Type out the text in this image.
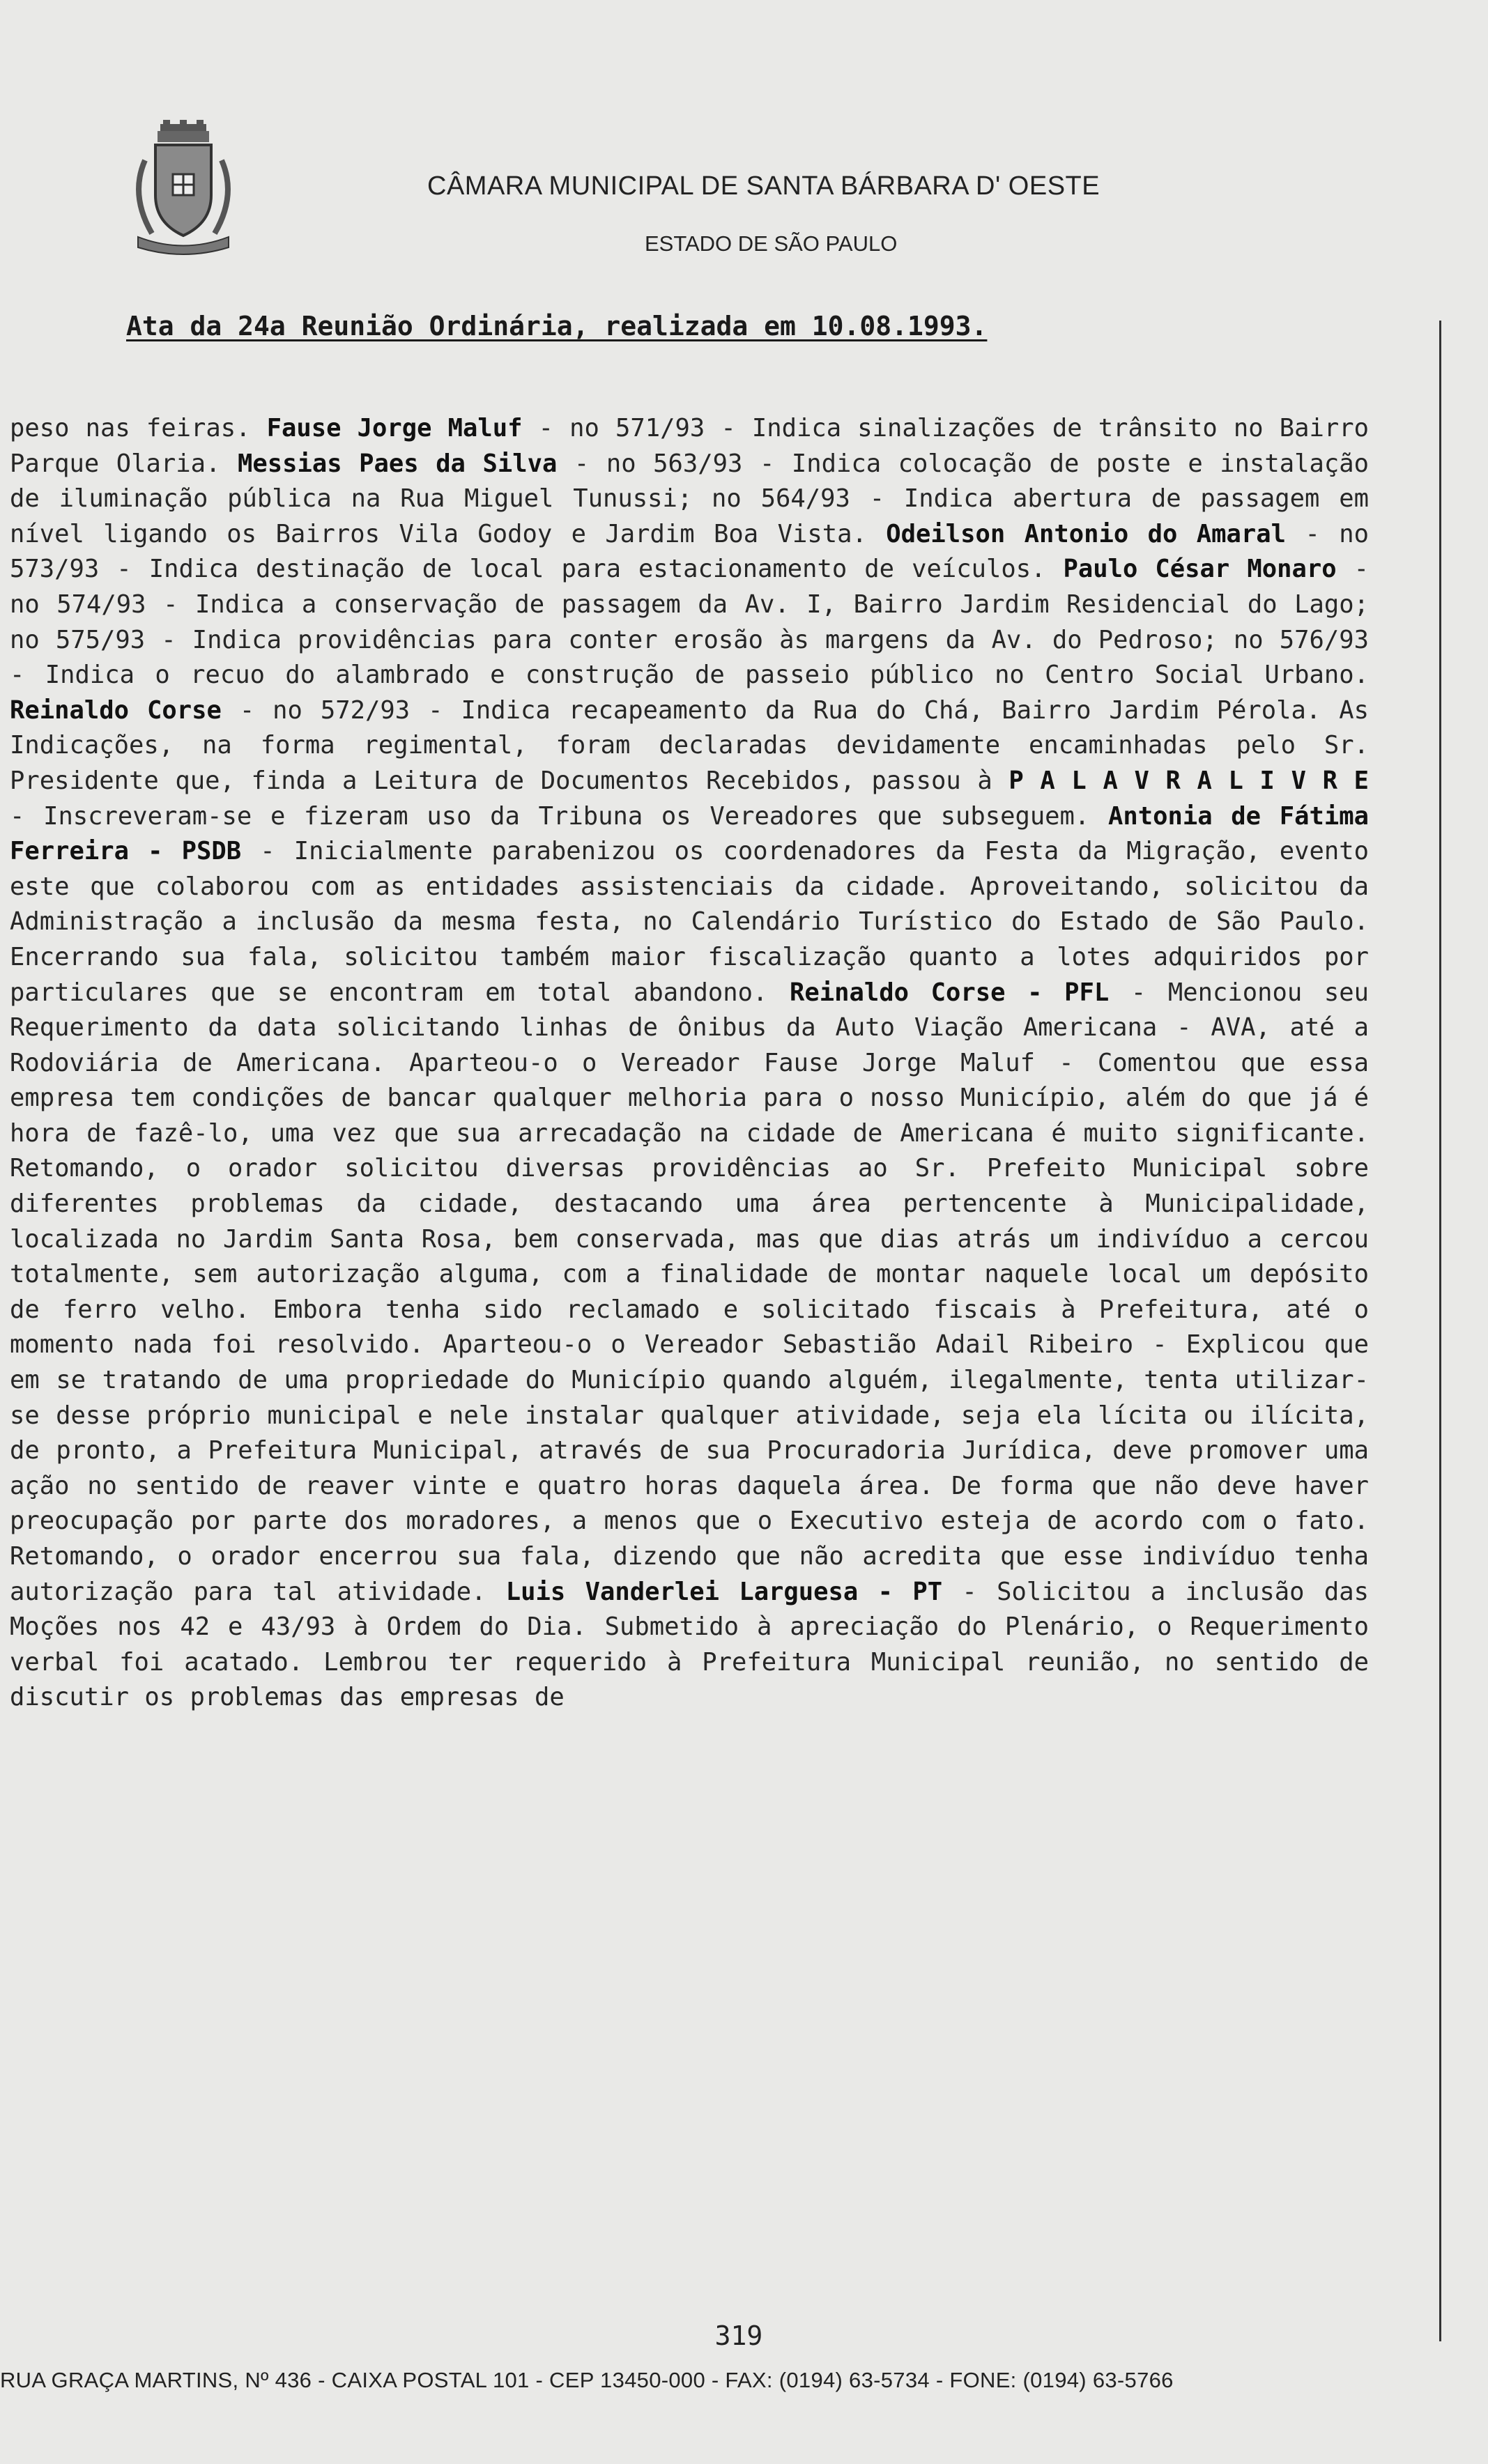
CÂMARA MUNICIPAL DE SANTA BÁRBARA D' OESTE
ESTADO DE SÃO PAULO
Ata da 24a Reunião Ordinária, realizada em 10.08.1993.
peso nas feiras. Fause Jorge Maluf - no 571/93 - Indica sinalizações de trânsito no Bairro Parque Olaria. Messias Paes da Silva - no 563/93 - Indica colocação de poste e instalação de iluminação pública na Rua Miguel Tunussi; no 564/93 - Indica abertura de passagem em nível ligando os Bairros Vila Godoy e Jardim Boa Vista. Odeilson Antonio do Amaral - no 573/93 - Indica destinação de local para estacionamento de veículos. Paulo César Monaro - no 574/93 - Indica a conservação de passagem da Av. I, Bairro Jardim Residencial do Lago; no 575/93 - Indica providências para conter erosão às margens da Av. do Pedroso; no 576/93 - Indica o recuo do alambrado e construção de passeio público no Centro Social Urbano. Reinaldo Corse - no 572/93 - Indica recapeamento da Rua do Chá, Bairro Jardim Pérola. As Indicações, na forma regimental, foram declaradas devidamente encaminhadas pelo Sr. Presidente que, finda a Leitura de Documentos Recebidos, passou à P A L A V R A L I V R E - Inscreveram-se e fizeram uso da Tribuna os Vereadores que subseguem. Antonia de Fátima Ferreira - PSDB - Inicialmente parabenizou os coordenadores da Festa da Migração, evento este que colaborou com as entidades assistenciais da cidade. Aproveitando, solicitou da Administração a inclusão da mesma festa, no Calendário Turístico do Estado de São Paulo. Encerrando sua fala, solicitou também maior fiscalização quanto a lotes adquiridos por particulares que se encontram em total abandono. Reinaldo Corse - PFL - Mencionou seu Requerimento da data solicitando linhas de ônibus da Auto Viação Americana - AVA, até a Rodoviária de Americana. Aparteou-o o Vereador Fause Jorge Maluf - Comentou que essa empresa tem condições de bancar qualquer melhoria para o nosso Município, além do que já é hora de fazê-lo, uma vez que sua arrecadação na cidade de Americana é muito significante. Retomando, o orador solicitou diversas providências ao Sr. Prefeito Municipal sobre diferentes problemas da cidade, destacando uma área pertencente à Municipalidade, localizada no Jardim Santa Rosa, bem conservada, mas que dias atrás um indivíduo a cercou totalmente, sem autorização alguma, com a finalidade de montar naquele local um depósito de ferro velho. Embora tenha sido reclamado e solicitado fiscais à Prefeitura, até o momento nada foi resolvido. Aparteou-o o Vereador Sebastião Adail Ribeiro - Explicou que em se tratando de uma propriedade do Município quando alguém, ilegalmente, tenta utilizar-se desse próprio municipal e nele instalar qualquer atividade, seja ela lícita ou ilícita, de pronto, a Prefeitura Municipal, através de sua Procuradoria Jurídica, deve promover uma ação no sentido de reaver vinte e quatro horas daquela área. De forma que não deve haver preocupação por parte dos moradores, a menos que o Executivo esteja de acordo com o fato. Retomando, o orador encerrou sua fala, dizendo que não acredita que esse indivíduo tenha autorização para tal atividade. Luis Vanderlei Larguesa - PT - Solicitou a inclusão das Moções nos 42 e 43/93 à Ordem do Dia. Submetido à apreciação do Plenário, o Requerimento verbal foi acatado. Lembrou ter requerido à Prefeitura Municipal reunião, no sentido de discutir os problemas das empresas de
319
RUA GRAÇA MARTINS, Nº 436 - CAIXA POSTAL 101 - CEP 13450-000 - FAX: (0194) 63-5734 - FONE: (0194) 63-5766
